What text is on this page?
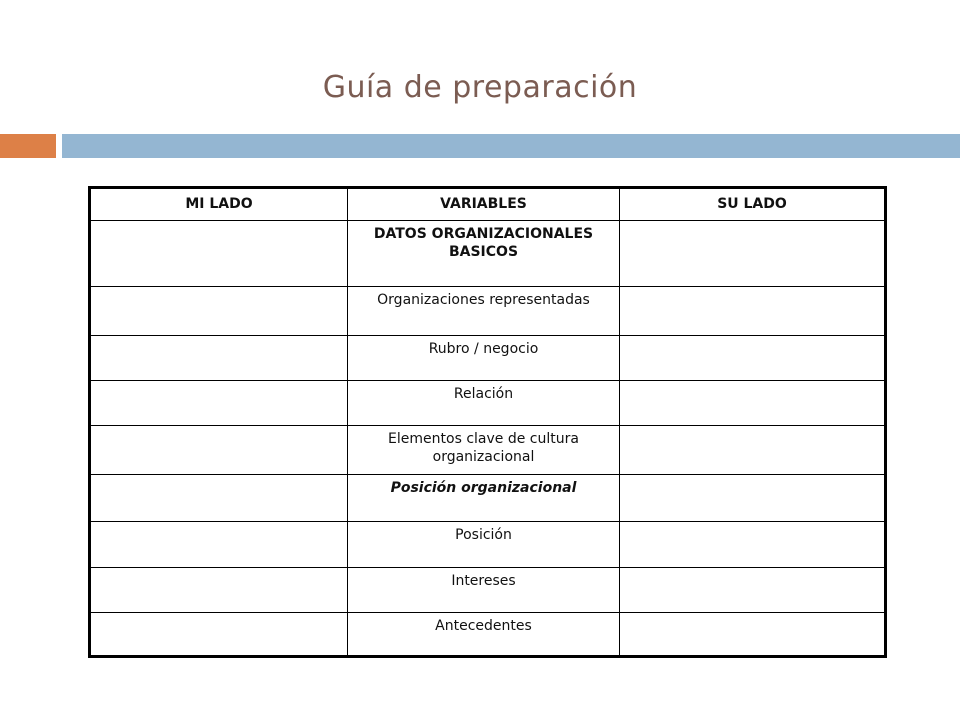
Guía de preparación
MI LADO	VARIABLES	SU LADO
	DATOS ORGANIZACIONALES BASICOS	
	Organizaciones representadas	
	Rubro / negocio	
	Relación	
	Elementos clave de cultura organizacional	
	Posición organizacional	
	Posición	
	Intereses	
	Antecedentes	
